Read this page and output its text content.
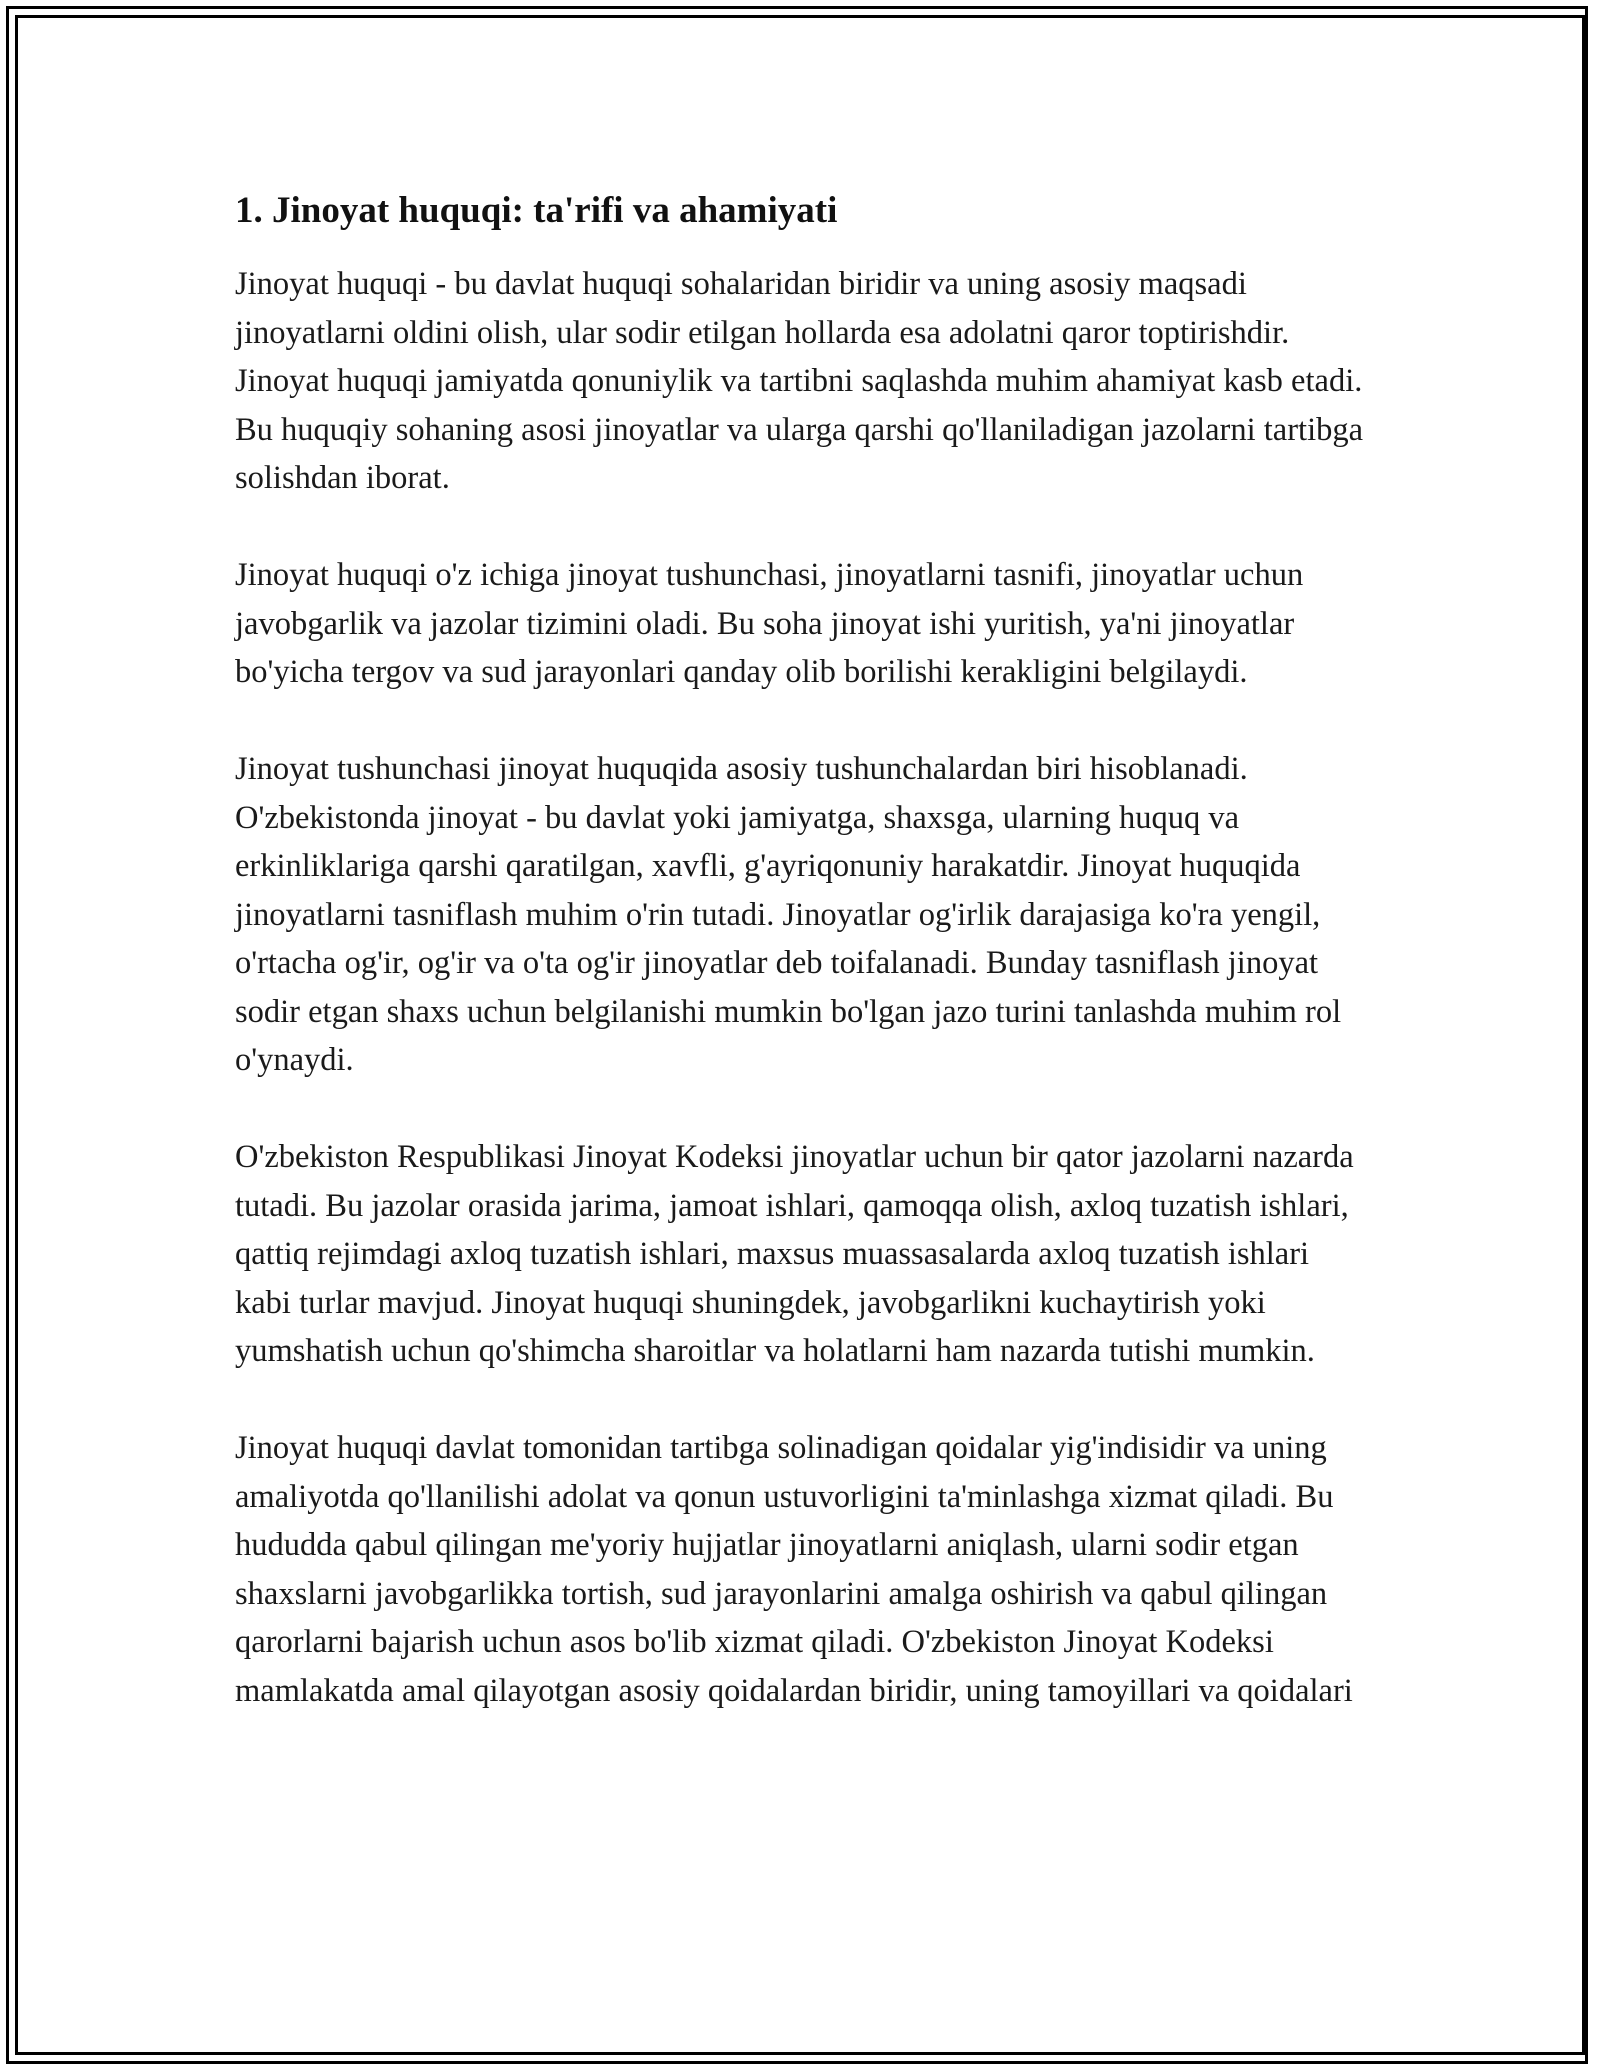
1. Jinoyat huquqi: ta'rifi va ahamiyati

Jinoyat huquqi - bu davlat huquqi sohalaridan biridir va uning asosiy maqsadi jinoyatlarni oldini olish, ular sodir etilgan hollarda esa adolatni qaror toptirishdir. Jinoyat huquqi jamiyatda qonuniylik va tartibni saqlashda muhim ahamiyat kasb etadi. Bu huquqiy sohaning asosi jinoyatlar va ularga qarshi qo'llaniladigan jazolarni tartibga solishdan iborat.

Jinoyat huquqi o'z ichiga jinoyat tushunchasi, jinoyatlarni tasnifi, jinoyatlar uchun javobgarlik va jazolar tizimini oladi. Bu soha jinoyat ishi yuritish, ya'ni jinoyatlar bo'yicha tergov va sud jarayonlari qanday olib borilishi kerakligini belgilaydi.

Jinoyat tushunchasi jinoyat huquqida asosiy tushunchalardan biri hisoblanadi. O'zbekistonda jinoyat - bu davlat yoki jamiyatga, shaxsga, ularning huquq va erkinliklariga qarshi qaratilgan, xavfli, g'ayriqonuniy harakatdir. Jinoyat huquqida jinoyatlarni tasniflash muhim o'rin tutadi. Jinoyatlar og'irlik darajasiga ko'ra yengil, o'rtacha og'ir, og'ir va o'ta og'ir jinoyatlar deb toifalanadi. Bunday tasniflash jinoyat sodir etgan shaxs uchun belgilanishi mumkin bo'lgan jazo turini tanlashda muhim rol o'ynaydi.

O'zbekiston Respublikasi Jinoyat Kodeksi jinoyatlar uchun bir qator jazolarni nazarda tutadi. Bu jazolar orasida jarima, jamoat ishlari, qamoqqa olish, axloq tuzatish ishlari, qattiq rejimdagi axloq tuzatish ishlari, maxsus muassasalarda axloq tuzatish ishlari kabi turlar mavjud. Jinoyat huquqi shuningdek, javobgarlikni kuchaytirish yoki yumshatish uchun qo'shimcha sharoitlar va holatlarni ham nazarda tutishi mumkin.

Jinoyat huquqi davlat tomonidan tartibga solinadigan qoidalar yig'indisidir va uning amaliyotda qo'llanilishi adolat va qonun ustuvorligini ta'minlashga xizmat qiladi. Bu hududda qabul qilingan me'yoriy hujjatlar jinoyatlarni aniqlash, ularni sodir etgan shaxslarni javobgarlikka tortish, sud jarayonlarini amalga oshirish va qabul qilingan qarorlarni bajarish uchun asos bo'lib xizmat qiladi. O'zbekiston Jinoyat Kodeksi mamlakatda amal qilayotgan asosiy qoidalardan biridir, uning tamoyillari va qoidalari
